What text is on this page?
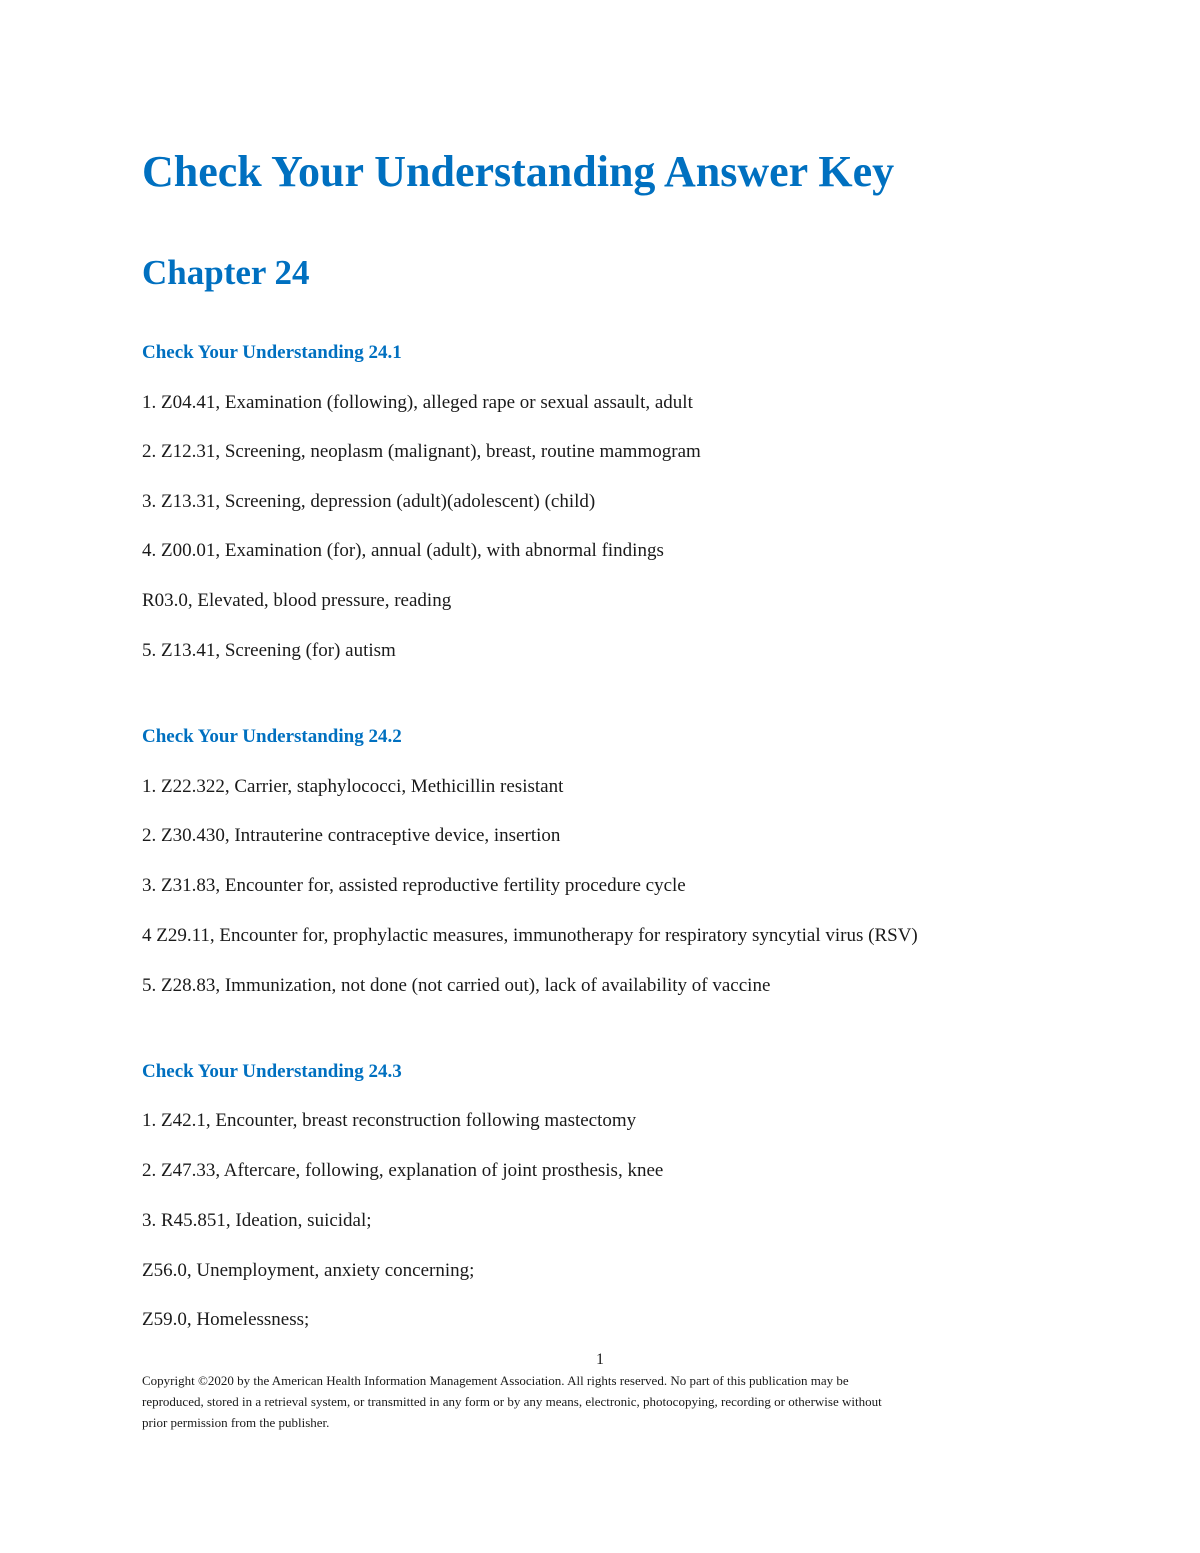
Check Your Understanding Answer Key
Chapter 24
Check Your Understanding 24.1

1. Z04.41, Examination (following), alleged rape or sexual assault, adult

2. Z12.31, Screening, neoplasm (malignant), breast, routine mammogram

3. Z13.31, Screening, depression (adult)(adolescent) (child)

4. Z00.01, Examination (for), annual (adult), with abnormal findings

R03.0, Elevated, blood pressure, reading

5. Z13.41, Screening (for) autism

Check Your Understanding 24.2

1. Z22.322, Carrier, staphylococci, Methicillin resistant

2. Z30.430, Intrauterine contraceptive device, insertion

3. Z31.83, Encounter for, assisted reproductive fertility procedure cycle

4 Z29.11, Encounter for, prophylactic measures, immunotherapy for respiratory syncytial virus (RSV)

5. Z28.83, Immunization, not done (not carried out), lack of availability of vaccine

Check Your Understanding 24.3

1. Z42.1, Encounter, breast reconstruction following mastectomy

2. Z47.33, Aftercare, following, explanation of joint prosthesis, knee

3. R45.851, Ideation, suicidal;

Z56.0, Unemployment, anxiety concerning;

Z59.0, Homelessness;

1
Copyright ©2020 by the American Health Information Management Association. All rights reserved. No part of this publication may be
reproduced, stored in a retrieval system, or transmitted in any form or by any means, electronic, photocopying, recording or otherwise without
prior permission from the publisher.
